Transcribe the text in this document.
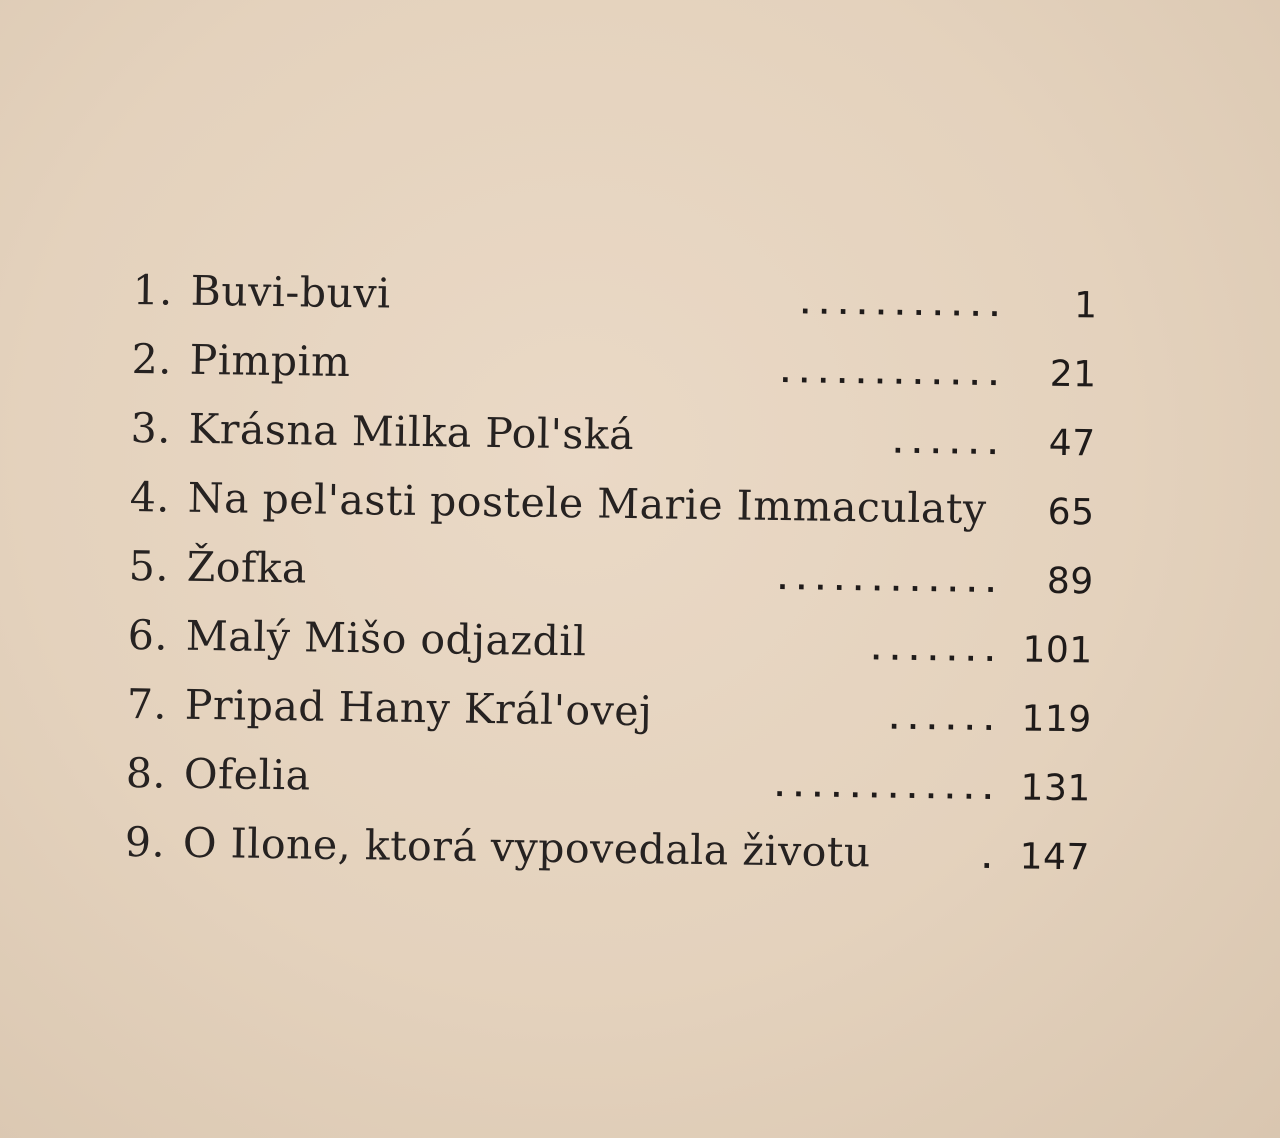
1. Buvi-buvi	. . . . . . . . . . .	1
2. Pimpim	. . . . . . . . . . . .	21
3. Krásna Milka Pol'ská	. . . . . .	47
4. Na pel'asti postele Marie Immaculaty	65
5. Žofka	. . . . . . . . . . . .	89
6. Malý Mišo odjazdil	. . . . . . . 101
7. Pripad Hany Král'ovej	. . . . . . 119
8. Ofelia	. . . . . . . . . . . . 131
9. O Ilone, ktorá vypovedala životu	. 147
